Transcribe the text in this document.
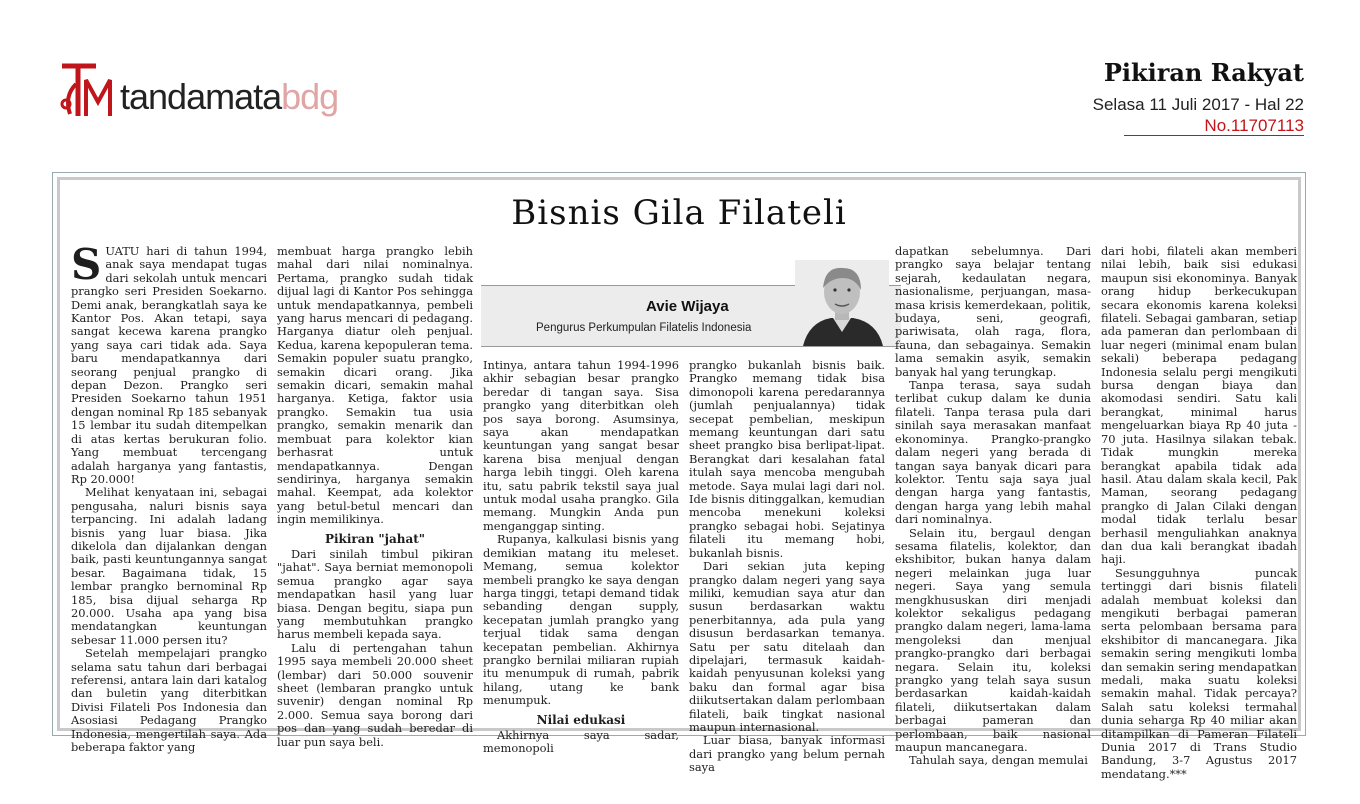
tandamatabdg
Pikiran Rakyat
Selasa 11 Juli 2017 - Hal 22
No.11707113
Bisnis Gila Filateli
Avie Wijaya
Pengurus Perkumpulan Filatelis Indonesia

SUATU hari di tahun 1994, anak saya mendapat tugas dari sekolah untuk mencari prangko seri Presiden Soekarno. Demi anak, berangkatlah saya ke Kantor Pos. Akan tetapi, saya sangat kecewa karena prangko yang saya cari tidak ada. Saya baru mendapatkannya dari seorang penjual prangko di depan Dezon. Prangko seri Presiden Soekarno tahun 1951 dengan nominal Rp 185 sebanyak 15 lembar itu sudah ditempelkan di atas kertas berukuran folio. Yang membuat tercengang adalah harganya yang fantastis, Rp 20.000!

Melihat kenyataan ini, sebagai pengusaha, naluri bisnis saya terpancing. Ini adalah ladang bisnis yang luar biasa. Jika dikelola dan dijalankan dengan baik, pasti keuntungannya sangat besar. Bagaimana tidak, 15 lembar prangko bernominal Rp 185, bisa dijual seharga Rp 20.000. Usaha apa yang bisa mendatangkan keuntungan sebesar 11.000 persen itu?

Setelah mempelajari prangko selama satu tahun dari berbagai referensi, antara lain dari katalog dan buletin yang diterbitkan Divisi Filateli Pos Indonesia dan Asosiasi Pedagang Prangko Indonesia, mengertilah saya. Ada beberapa faktor yang

membuat harga prangko lebih mahal dari nilai nominalnya. Pertama, prangko sudah tidak dijual lagi di Kantor Pos sehingga untuk mendapatkannya, pembeli yang harus mencari di pedagang. Harganya diatur oleh penjual. Kedua, karena kepopuleran tema. Semakin populer suatu prangko, semakin dicari orang. Jika semakin dicari, semakin mahal harganya. Ketiga, faktor usia prangko. Semakin tua usia prangko, semakin menarik dan membuat para kolektor kian berhasrat untuk mendapatkannya. Dengan sendirinya, harganya semakin mahal. Keempat, ada kolektor yang betul-betul mencari dan ingin memilikinya.

Pikiran "jahat"

Dari sinilah timbul pikiran "jahat". Saya berniat memonopoli semua prangko agar saya mendapatkan hasil yang luar biasa. Dengan begitu, siapa pun yang membutuhkan prangko harus membeli kepada saya.

Lalu di pertengahan tahun 1995 saya membeli 20.000 sheet (lembar) dari 50.000 souvenir sheet (lembaran prangko untuk suvenir) dengan nominal Rp 2.000. Semua saya borong dari pos dan yang sudah beredar di luar pun saya beli.

Intinya, antara tahun 1994-1996 akhir sebagian besar prangko beredar di tangan saya. Sisa prangko yang diterbitkan oleh pos saya borong. Asumsinya, saya akan mendapatkan keuntungan yang sangat besar karena bisa menjual dengan harga lebih tinggi. Oleh karena itu, satu pabrik tekstil saya jual untuk modal usaha prangko. Gila memang. Mungkin Anda pun menganggap sinting.

Rupanya, kalkulasi bisnis yang demikian matang itu meleset. Memang, semua kolektor membeli prangko ke saya dengan harga tinggi, tetapi demand tidak sebanding dengan supply, kecepatan jumlah prangko yang terjual tidak sama dengan kecepatan pembelian. Akhirnya prangko bernilai miliaran rupiah itu menumpuk di rumah, pabrik hilang, utang ke bank menumpuk.

Nilai edukasi

Akhirnya saya sadar, memonopoli

prangko bukanlah bisnis baik. Prangko memang tidak bisa dimonopoli karena peredarannya (jumlah penjualannya) tidak secepat pembelian, meskipun memang keuntungan dari satu sheet prangko bisa berlipat-lipat. Berangkat dari kesalahan fatal itulah saya mencoba mengubah metode. Saya mulai lagi dari nol. Ide bisnis ditinggalkan, kemudian mencoba menekuni koleksi prangko sebagai hobi. Sejatinya filateli itu memang hobi, bukanlah bisnis.

Dari sekian juta keping prangko dalam negeri yang saya miliki, kemudian saya atur dan susun berdasarkan waktu penerbitannya, ada pula yang disusun berdasarkan temanya. Satu per satu ditelaah dan dipelajari, termasuk kaidah-kaidah penyusunan koleksi yang baku dan formal agar bisa diikutsertakan dalam perlombaan filateli, baik tingkat nasional maupun internasional.

Luar biasa, banyak informasi dari prangko yang belum pernah saya

dapatkan sebelumnya. Dari prangko saya belajar tentang sejarah, kedaulatan negara, nasionalisme, perjuangan, masa-masa krisis kemerdekaan, politik, budaya, seni, geografi, pariwisata, olah raga, flora, fauna, dan sebagainya. Semakin lama semakin asyik, semakin banyak hal yang terungkap.

Tanpa terasa, saya sudah terlibat cukup dalam ke dunia filateli. Tanpa terasa pula dari sinilah saya merasakan manfaat ekonominya. Prangko-prangko dalam negeri yang berada di tangan saya banyak dicari para kolektor. Tentu saja saya jual dengan harga yang fantastis, dengan harga yang lebih mahal dari nominalnya.

Selain itu, bergaul dengan sesama filatelis, kolektor, dan ekshibitor, bukan hanya dalam negeri melainkan juga luar negeri. Saya yang semula mengkhususkan diri menjadi kolektor sekaligus pedagang prangko dalam negeri, lama-lama mengoleksi dan menjual prangko-prangko dari berbagai negara. Selain itu, koleksi prangko yang telah saya susun berdasarkan kaidah-kaidah filateli, diikutsertakan dalam berbagai pameran dan perlombaan, baik nasional maupun mancanegara.

Tahulah saya, dengan memulai

dari hobi, filateli akan memberi nilai lebih, baik sisi edukasi maupun sisi ekonominya. Banyak orang hidup berkecukupan secara ekonomis karena koleksi filateli. Sebagai gambaran, setiap ada pameran dan perlombaan di luar negeri (minimal enam bulan sekali) beberapa pedagang Indonesia selalu pergi mengikuti bursa dengan biaya dan akomodasi sendiri. Satu kali berangkat, minimal harus mengeluarkan biaya Rp 40 juta - 70 juta. Hasilnya silakan tebak. Tidak mungkin mereka berangkat apabila tidak ada hasil. Atau dalam skala kecil, Pak Maman, seorang pedagang prangko di Jalan Cilaki dengan modal tidak terlalu besar berhasil menguliahkan anaknya dan dua kali berangkat ibadah haji.

Sesungguhnya puncak tertinggi dari bisnis filateli adalah membuat koleksi dan mengikuti berbagai pameran serta pelombaan bersama para ekshibitor di mancanegara. Jika semakin sering mengikuti lomba dan semakin sering mendapatkan medali, maka suatu koleksi semakin mahal. Tidak percaya? Salah satu koleksi termahal dunia seharga Rp 40 miliar akan ditampilkan di Pameran Filateli Dunia 2017 di Trans Studio Bandung, 3-7 Agustus 2017 mendatang.***
